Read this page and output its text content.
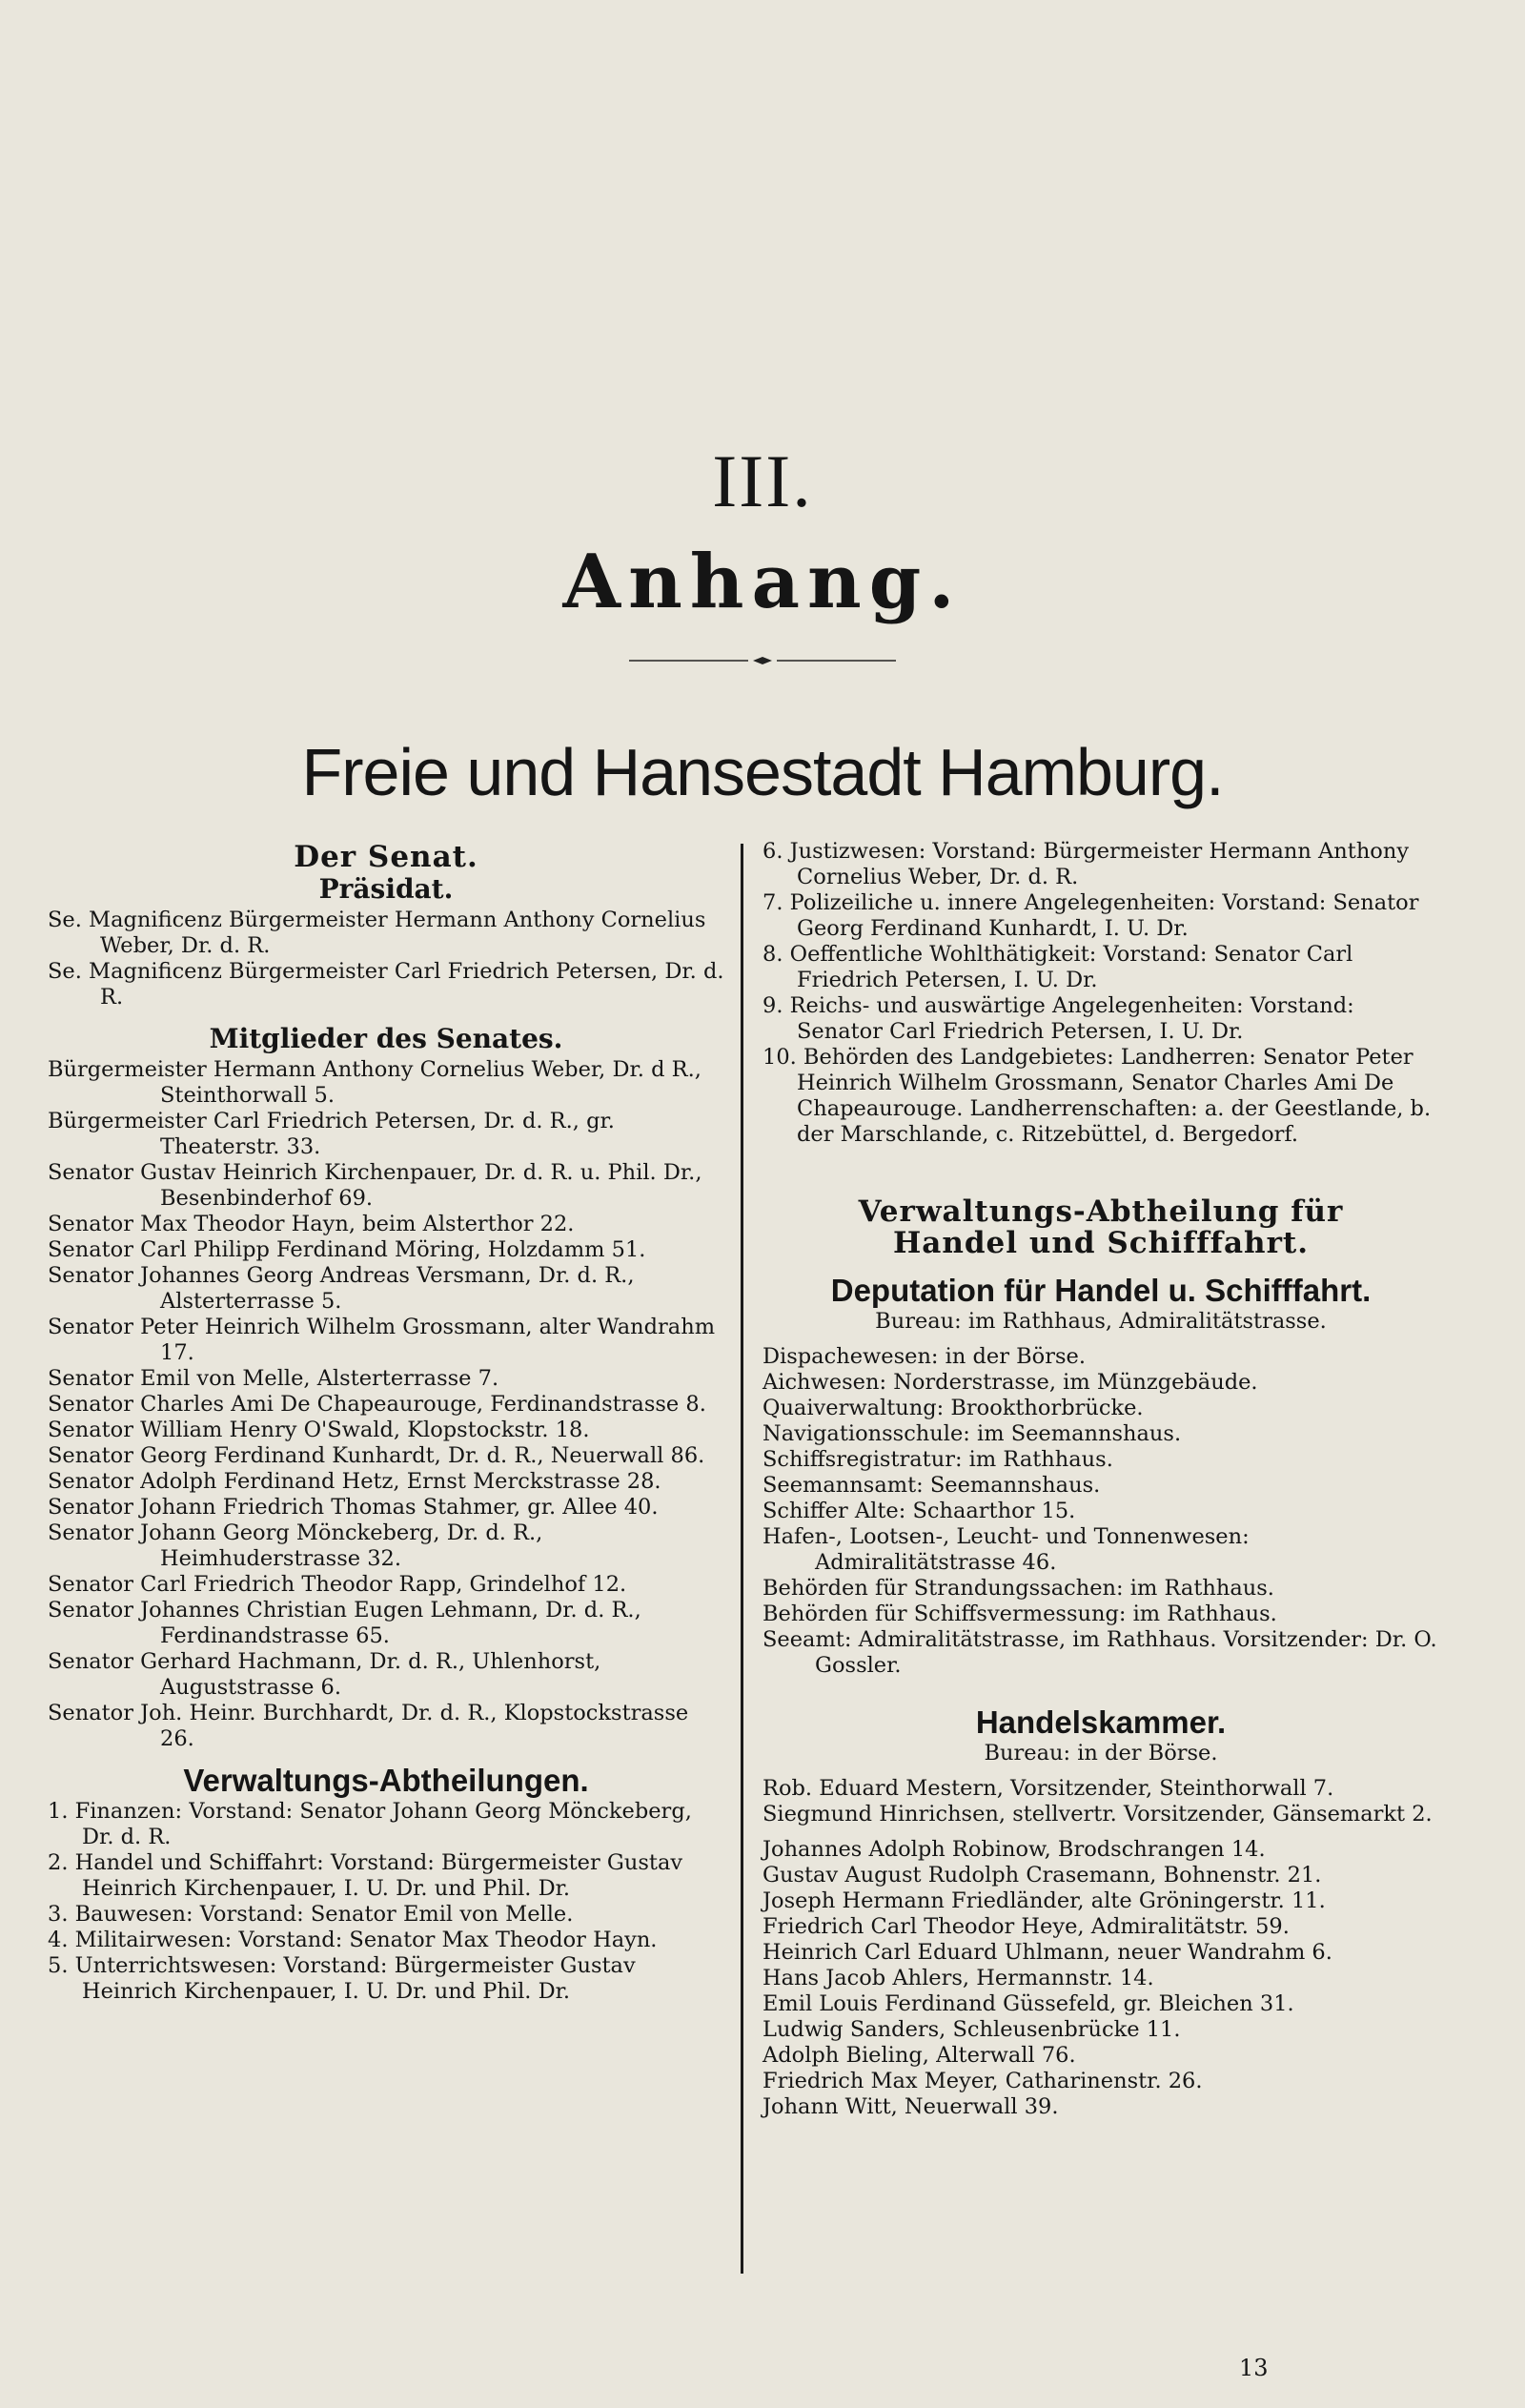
III.
Anhang.
Freie und Hansestadt Hamburg.
Der Senat.
Präsidat.
Se. Magnificenz Bürgermeister Hermann Anthony Cornelius Weber, Dr. d. R.
Se. Magnificenz Bürgermeister Carl Friedrich Petersen, Dr. d. R.
Mitglieder des Senates.
Bürgermeister Hermann Anthony Cornelius Weber, Dr. d R., Steinthorwall 5.
Bürgermeister Carl Friedrich Petersen, Dr. d. R., gr. Theaterstr. 33.
Senator Gustav Heinrich Kirchenpauer, Dr. d. R. u. Phil. Dr., Besenbinderhof 69.
Senator Max Theodor Hayn, beim Alsterthor 22.
Senator Carl Philipp Ferdinand Möring, Holzdamm 51.
Senator Johannes Georg Andreas Versmann, Dr. d. R., Alsterterrasse 5.
Senator Peter Heinrich Wilhelm Grossmann, alter Wandrahm 17.
Senator Emil von Melle, Alsterterrasse 7.
Senator Charles Ami De Chapeaurouge, Ferdinandstrasse 8.
Senator William Henry O'Swald, Klopstockstr. 18.
Senator Georg Ferdinand Kunhardt, Dr. d. R., Neuerwall 86.
Senator Adolph Ferdinand Hetz, Ernst Merckstrasse 28.
Senator Johann Friedrich Thomas Stahmer, gr. Allee 40.
Senator Johann Georg Mönckeberg, Dr. d. R., Heimhuderstrasse 32.
Senator Carl Friedrich Theodor Rapp, Grindelhof 12.
Senator Johannes Christian Eugen Lehmann, Dr. d. R., Ferdinandstrasse 65.
Senator Gerhard Hachmann, Dr. d. R., Uhlenhorst, Auguststrasse 6.
Senator Joh. Heinr. Burchhardt, Dr. d. R., Klopstockstrasse 26.
Verwaltungs-Abtheilungen.
1. Finanzen: Vorstand: Senator Johann Georg Mönckeberg, Dr. d. R.
2. Handel und Schiffahrt: Vorstand: Bürgermeister Gustav Heinrich Kirchenpauer, I. U. Dr. und Phil. Dr.
3. Bauwesen: Vorstand: Senator Emil von Melle.
4. Militairwesen: Vorstand: Senator Max Theodor Hayn.
5. Unterrichtswesen: Vorstand: Bürgermeister Gustav Heinrich Kirchenpauer, I. U. Dr. und Phil. Dr.
6. Justizwesen: Vorstand: Bürgermeister Hermann Anthony Cornelius Weber, Dr. d. R.
7. Polizeiliche u. innere Angelegenheiten: Vorstand: Senator Georg Ferdinand Kunhardt, I. U. Dr.
8. Oeffentliche Wohlthätigkeit: Vorstand: Senator Carl Friedrich Petersen, I. U. Dr.
9. Reichs- und auswärtige Angelegenheiten: Vorstand: Senator Carl Friedrich Petersen, I. U. Dr.
10. Behörden des Landgebietes: Landherren: Senator Peter Heinrich Wilhelm Grossmann, Senator Charles Ami De Chapeaurouge. Landherrenschaften: a. der Geestlande, b. der Marschlande, c. Ritzebüttel, d. Bergedorf.
Verwaltungs-Abtheilung für
Handel und Schifffahrt.
Deputation für Handel u. Schifffahrt.
Bureau: im Rathhaus, Admiralitätstrasse.
Dispachewesen: in der Börse.
Aichwesen: Norderstrasse, im Münzgebäude.
Quaiverwaltung: Brookthorbrücke.
Navigationsschule: im Seemannshaus.
Schiffsregistratur: im Rathhaus.
Seemannsamt: Seemannshaus.
Schiffer Alte: Schaarthor 15.
Hafen-, Lootsen-, Leucht- und Tonnenwesen: Admiralitätstrasse 46.
Behörden für Strandungssachen: im Rathhaus.
Behörden für Schiffsvermessung: im Rathhaus.
Seeamt: Admiralitätstrasse, im Rathhaus. Vorsitzender: Dr. O. Gossler.
Handelskammer.
Bureau: in der Börse.
Rob. Eduard Mestern, Vorsitzender, Steinthorwall 7.
Siegmund Hinrichsen, stellvertr. Vorsitzender, Gänsemarkt 2.
Johannes Adolph Robinow, Brodschrangen 14.
Gustav August Rudolph Crasemann, Bohnenstr. 21.
Joseph Hermann Friedländer, alte Gröningerstr. 11.
Friedrich Carl Theodor Heye, Admiralitätstr. 59.
Heinrich Carl Eduard Uhlmann, neuer Wandrahm 6.
Hans Jacob Ahlers, Hermannstr. 14.
Emil Louis Ferdinand Güssefeld, gr. Bleichen 31.
Ludwig Sanders, Schleusenbrücke 11.
Adolph Bieling, Alterwall 76.
Friedrich Max Meyer, Catharinenstr. 26.
Johann Witt, Neuerwall 39.
13
